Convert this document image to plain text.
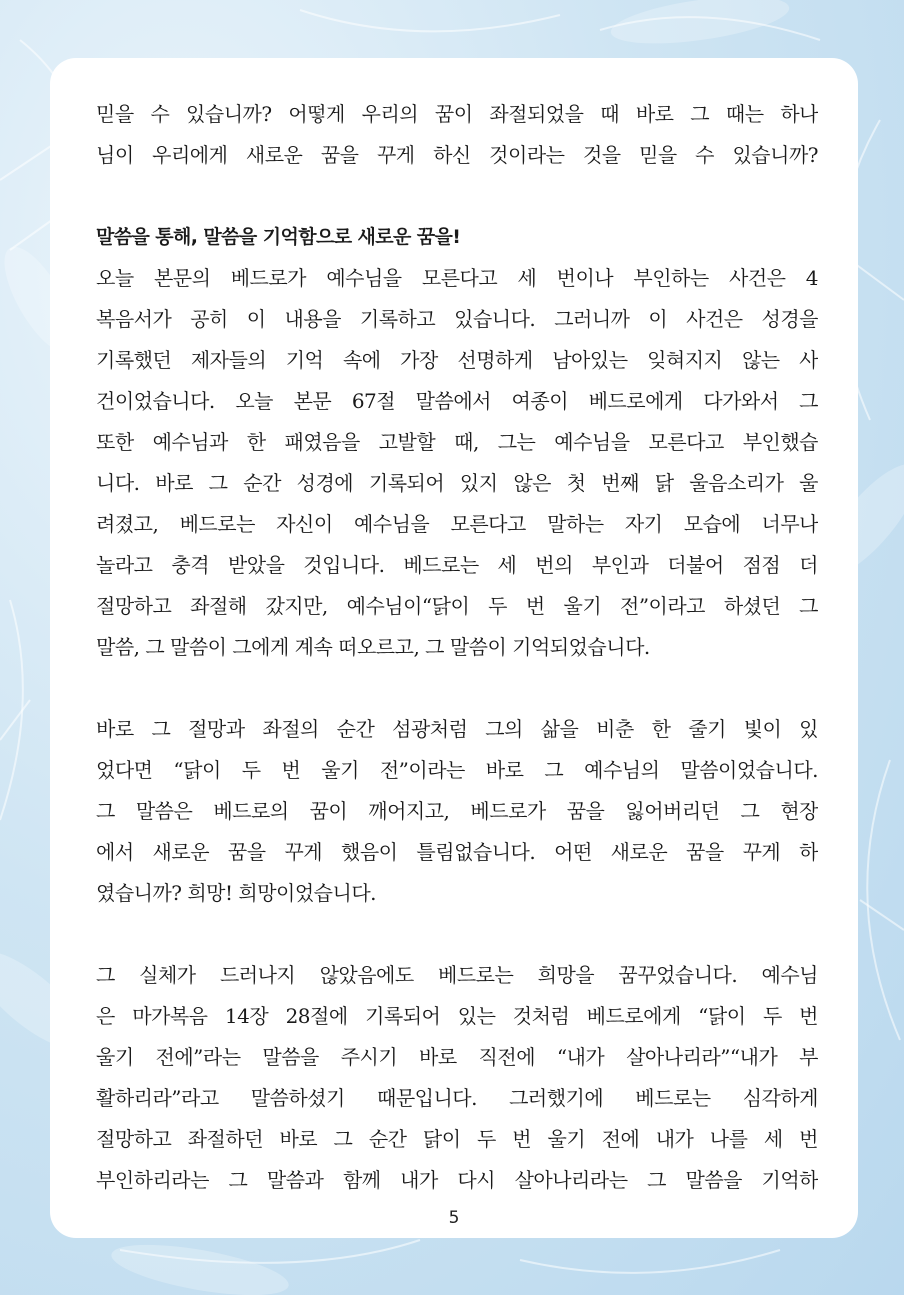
믿을 수 있습니까? 어떻게 우리의 꿈이 좌절되었을 때 바로 그 때는 하나
님이 우리에게 새로운 꿈을 꾸게 하신 것이라는 것을 믿을 수 있습니까?
말씀을 통해, 말씀을 기억함으로 새로운 꿈을!
오늘 본문의 베드로가 예수님을 모른다고 세 번이나 부인하는 사건은 4
복음서가 공히 이 내용을 기록하고 있습니다. 그러니까 이 사건은 성경을
기록했던 제자들의 기억 속에 가장 선명하게 남아있는 잊혀지지 않는 사
건이었습니다. 오늘 본문 67절 말씀에서 여종이 베드로에게 다가와서 그
또한 예수님과 한 패였음을 고발할 때, 그는 예수님을 모른다고 부인했습
니다. 바로 그 순간 성경에 기록되어 있지 않은 첫 번째 닭 울음소리가 울
려졌고, 베드로는 자신이 예수님을 모른다고 말하는 자기 모습에 너무나
놀라고 충격 받았을 것입니다. 베드로는 세 번의 부인과 더불어 점점 더
절망하고 좌절해 갔지만, 예수님이“닭이 두 번 울기 전”이라고 하셨던 그
말씀, 그 말씀이 그에게 계속 떠오르고, 그 말씀이 기억되었습니다.
바로 그 절망과 좌절의 순간 섬광처럼 그의 삶을 비춘 한 줄기 빛이 있
었다면 “닭이 두 번 울기 전”이라는 바로 그 예수님의 말씀이었습니다.
그 말씀은 베드로의 꿈이 깨어지고, 베드로가 꿈을 잃어버리던 그 현장
에서 새로운 꿈을 꾸게 했음이 틀림없습니다. 어떤 새로운 꿈을 꾸게 하
였습니까? 희망! 희망이었습니다.
그 실체가 드러나지 않았음에도 베드로는 희망을 꿈꾸었습니다. 예수님
은 마가복음 14장 28절에 기록되어 있는 것처럼 베드로에게 “닭이 두 번
울기 전에”라는 말씀을 주시기 바로 직전에 “내가 살아나리라”“내가 부
활하리라”라고 말씀하셨기 때문입니다. 그러했기에 베드로는 심각하게
절망하고 좌절하던 바로 그 순간 닭이 두 번 울기 전에 내가 나를 세 번
부인하리라는 그 말씀과 함께 내가 다시 살아나리라는 그 말씀을 기억하
5
